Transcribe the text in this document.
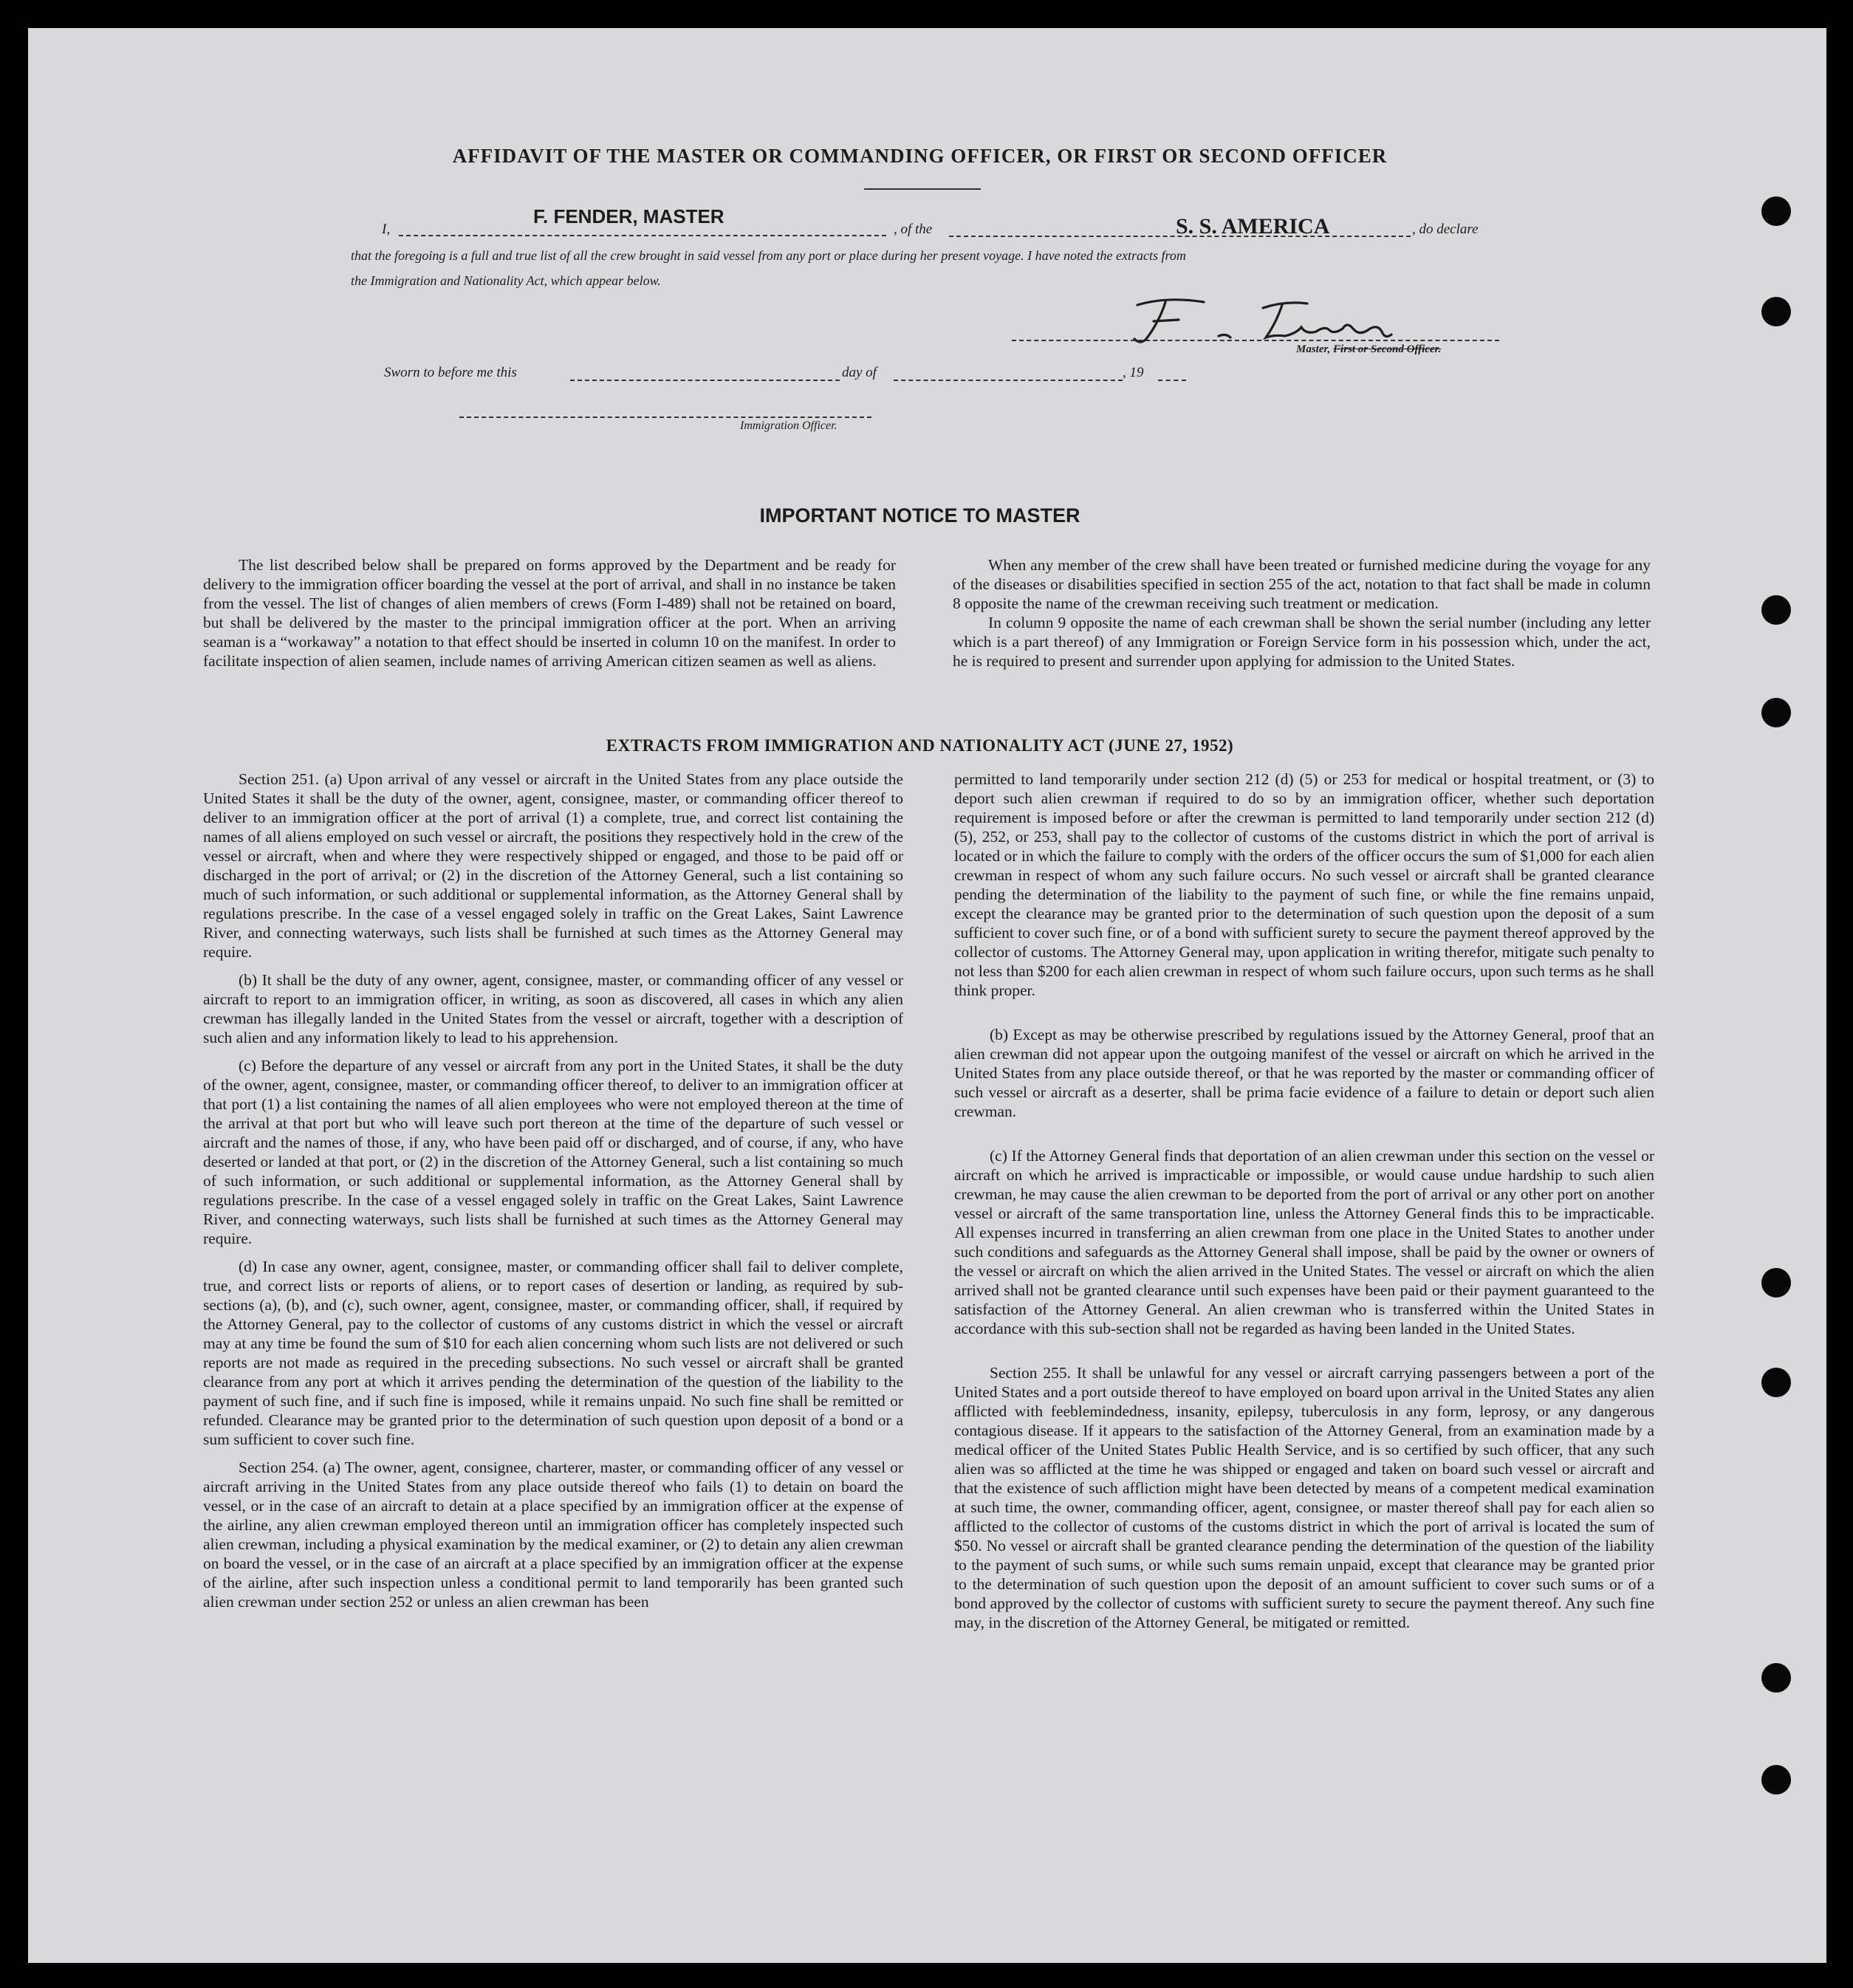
AFFIDAVIT OF THE MASTER OR COMMANDING OFFICER, OR FIRST OR SECOND OFFICER
I,
F. FENDER, MASTER
, of the	S. S. AMERICA	, do declare
that the foregoing is a full and true list of all the crew brought in said vessel from any port or place during her present voyage. I have noted the extracts from
the Immigration and Nationality Act, which appear below.
Master, First or Second Officer.
Sworn to before me this	day of	, 19
Immigration Officer.
IMPORTANT NOTICE TO MASTER
The list described below shall be prepared on forms approved by the Department and be ready for delivery to the immigration officer boarding the vessel at the port of arrival, and shall in no instance be taken from the vessel. The list of changes of alien members of crews (Form I-489) shall not be retained on board, but shall be delivered by the master to the principal immigration officer at the port. When an arriving seaman is a “workaway” a notation to that effect should be inserted in column 10 on the manifest. In order to facilitate inspection of alien seamen, include names of arriving American citizen seamen as well as aliens.

When any member of the crew shall have been treated or furnished medicine during the voyage for any of the diseases or disabilities specified in section 255 of the act, notation to that fact shall be made in column 8 opposite the name of the crewman receiving such treatment or medication.

In column 9 opposite the name of each crewman shall be shown the serial number (including any letter which is a part thereof) of any Immigration or Foreign Service form in his possession which, under the act, he is required to present and surrender upon applying for admission to the United States.

EXTRACTS FROM IMMIGRATION AND NATIONALITY ACT (JUNE 27, 1952)

Section 251. (a) Upon arrival of any vessel or aircraft in the United States from any place outside the United States it shall be the duty of the owner, agent, consignee, master, or commanding officer thereof to deliver to an immigration officer at the port of arrival (1) a complete, true, and correct list containing the names of all aliens employed on such vessel or aircraft, the positions they respectively hold in the crew of the vessel or aircraft, when and where they were respectively shipped or engaged, and those to be paid off or discharged in the port of arrival; or (2) in the discretion of the Attorney General, such a list containing so much of such information, or such additional or supplemental information, as the Attorney General shall by regulations prescribe. In the case of a vessel engaged solely in traffic on the Great Lakes, Saint Lawrence River, and connecting waterways, such lists shall be furnished at such times as the Attorney General may require.

(b) It shall be the duty of any owner, agent, consignee, master, or commanding officer of any vessel or aircraft to report to an immigration officer, in writing, as soon as discovered, all cases in which any alien crewman has illegally landed in the United States from the vessel or aircraft, together with a description of such alien and any information likely to lead to his apprehension.

(c) Before the departure of any vessel or aircraft from any port in the United States, it shall be the duty of the owner, agent, consignee, master, or commanding officer thereof, to deliver to an immigration officer at that port (1) a list containing the names of all alien employees who were not employed thereon at the time of the arrival at that port but who will leave such port thereon at the time of the departure of such vessel or aircraft and the names of those, if any, who have been paid off or discharged, and of course, if any, who have deserted or landed at that port, or (2) in the discretion of the Attorney General, such a list containing so much of such information, or such additional or supplemental information, as the Attorney General shall by regulations prescribe. In the case of a vessel engaged solely in traffic on the Great Lakes, Saint Lawrence River, and connecting waterways, such lists shall be furnished at such times as the Attorney General may require.

(d) In case any owner, agent, consignee, master, or commanding officer shall fail to deliver complete, true, and correct lists or reports of aliens, or to report cases of desertion or landing, as required by sub-sections (a), (b), and (c), such owner, agent, consignee, master, or commanding officer, shall, if required by the Attorney General, pay to the collector of customs of any customs district in which the vessel or aircraft may at any time be found the sum of $10 for each alien concerning whom such lists are not delivered or such reports are not made as required in the preceding subsections. No such vessel or aircraft shall be granted clearance from any port at which it arrives pending the determination of the question of the liability to the payment of such fine, and if such fine is imposed, while it remains unpaid. No such fine shall be remitted or refunded. Clearance may be granted prior to the determination of such question upon deposit of a bond or a sum sufficient to cover such fine.

Section 254. (a) The owner, agent, consignee, charterer, master, or commanding officer of any vessel or aircraft arriving in the United States from any place outside thereof who fails (1) to detain on board the vessel, or in the case of an aircraft to detain at a place specified by an immigration officer at the expense of the airline, any alien crewman employed thereon until an immigration officer has completely inspected such alien crewman, including a physical examination by the medical examiner, or (2) to detain any alien crewman on board the vessel, or in the case of an aircraft at a place specified by an immigration officer at the expense of the airline, after such inspection unless a conditional permit to land temporarily has been granted such alien crewman under section 252 or unless an alien crewman has been

permitted to land temporarily under section 212 (d) (5) or 253 for medical or hospital treatment, or (3) to deport such alien crewman if required to do so by an immigration officer, whether such deportation requirement is imposed before or after the crewman is permitted to land temporarily under section 212 (d) (5), 252, or 253, shall pay to the collector of customs of the customs district in which the port of arrival is located or in which the failure to comply with the orders of the officer occurs the sum of $1,000 for each alien crewman in respect of whom any such failure occurs. No such vessel or aircraft shall be granted clearance pending the determination of the liability to the payment of such fine, or while the fine remains unpaid, except the clearance may be granted prior to the determination of such question upon the deposit of a sum sufficient to cover such fine, or of a bond with sufficient surety to secure the payment thereof approved by the collector of customs. The Attorney General may, upon application in writing therefor, mitigate such penalty to not less than $200 for each alien crewman in respect of whom such failure occurs, upon such terms as he shall think proper.

(b) Except as may be otherwise prescribed by regulations issued by the Attorney General, proof that an alien crewman did not appear upon the outgoing manifest of the vessel or aircraft on which he arrived in the United States from any place outside thereof, or that he was reported by the master or commanding officer of such vessel or aircraft as a deserter, shall be prima facie evidence of a failure to detain or deport such alien crewman.

(c) If the Attorney General finds that deportation of an alien crewman under this section on the vessel or aircraft on which he arrived is impracticable or impossible, or would cause undue hardship to such alien crewman, he may cause the alien crewman to be deported from the port of arrival or any other port on another vessel or aircraft of the same transportation line, unless the Attorney General finds this to be impracticable. All expenses incurred in transferring an alien crewman from one place in the United States to another under such conditions and safeguards as the Attorney General shall impose, shall be paid by the owner or owners of the vessel or aircraft on which the alien arrived in the United States. The vessel or aircraft on which the alien arrived shall not be granted clearance until such expenses have been paid or their payment guaranteed to the satisfaction of the Attorney General. An alien crewman who is transferred within the United States in accordance with this sub-section shall not be regarded as having been landed in the United States.

Section 255. It shall be unlawful for any vessel or aircraft carrying passengers between a port of the United States and a port outside thereof to have employed on board upon arrival in the United States any alien afflicted with feeblemindedness, insanity, epilepsy, tuberculosis in any form, leprosy, or any dangerous contagious disease. If it appears to the satisfaction of the Attorney General, from an examination made by a medical officer of the United States Public Health Service, and is so certified by such officer, that any such alien was so afflicted at the time he was shipped or engaged and taken on board such vessel or aircraft and that the existence of such affliction might have been detected by means of a competent medical examination at such time, the owner, commanding officer, agent, consignee, or master thereof shall pay for each alien so afflicted to the collector of customs of the customs district in which the port of arrival is located the sum of $50. No vessel or aircraft shall be granted clearance pending the determination of the question of the liability to the payment of such sums, or while such sums remain unpaid, except that clearance may be granted prior to the determination of such question upon the deposit of an amount sufficient to cover such sums or of a bond approved by the collector of customs with sufficient surety to secure the payment thereof. Any such fine may, in the discretion of the Attorney General, be mitigated or remitted.
